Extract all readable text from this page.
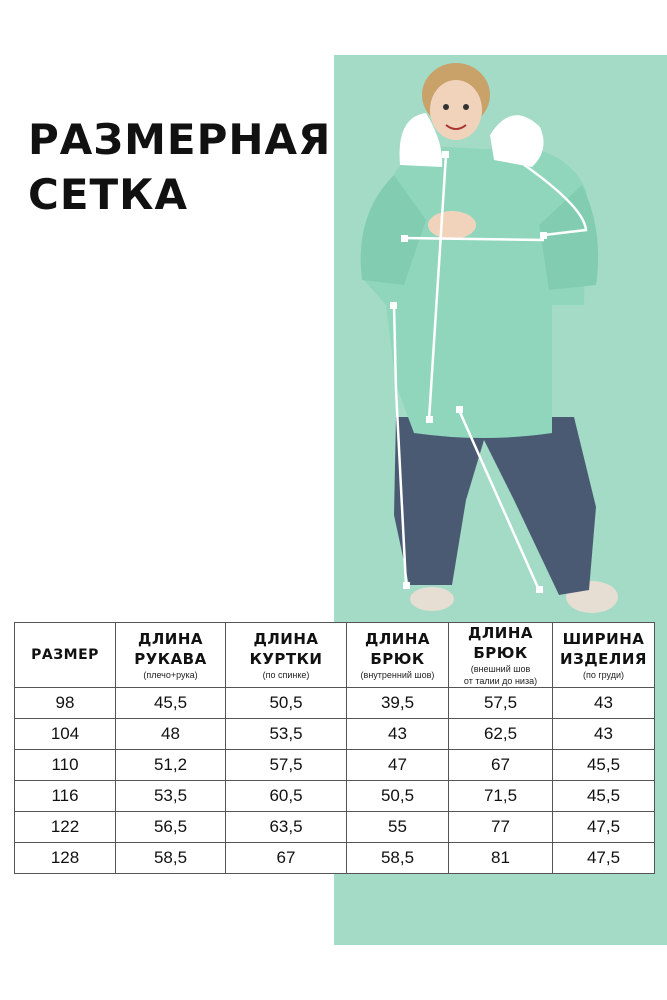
РАЗМЕРНАЯ
СЕТКА
РАЗМЕР	ДЛИНА
РУКАВА
(плечо+рука)	ДЛИНА
КУРТКИ
(по спинке)	ДЛИНА
БРЮК
(внутренний шов)	ДЛИНА
БРЮК
(внешний шов
от талии до низа)	ШИРИНА
ИЗДЕЛИЯ
(по груди)

98	45,5	50,5	39,5	57,5	43
104	48	53,5	43	62,5	43
110	51,2	57,5	47	67	45,5
116	53,5	60,5	50,5	71,5	45,5
122	56,5	63,5	55	77	47,5
128	58,5	67	58,5	81	47,5
